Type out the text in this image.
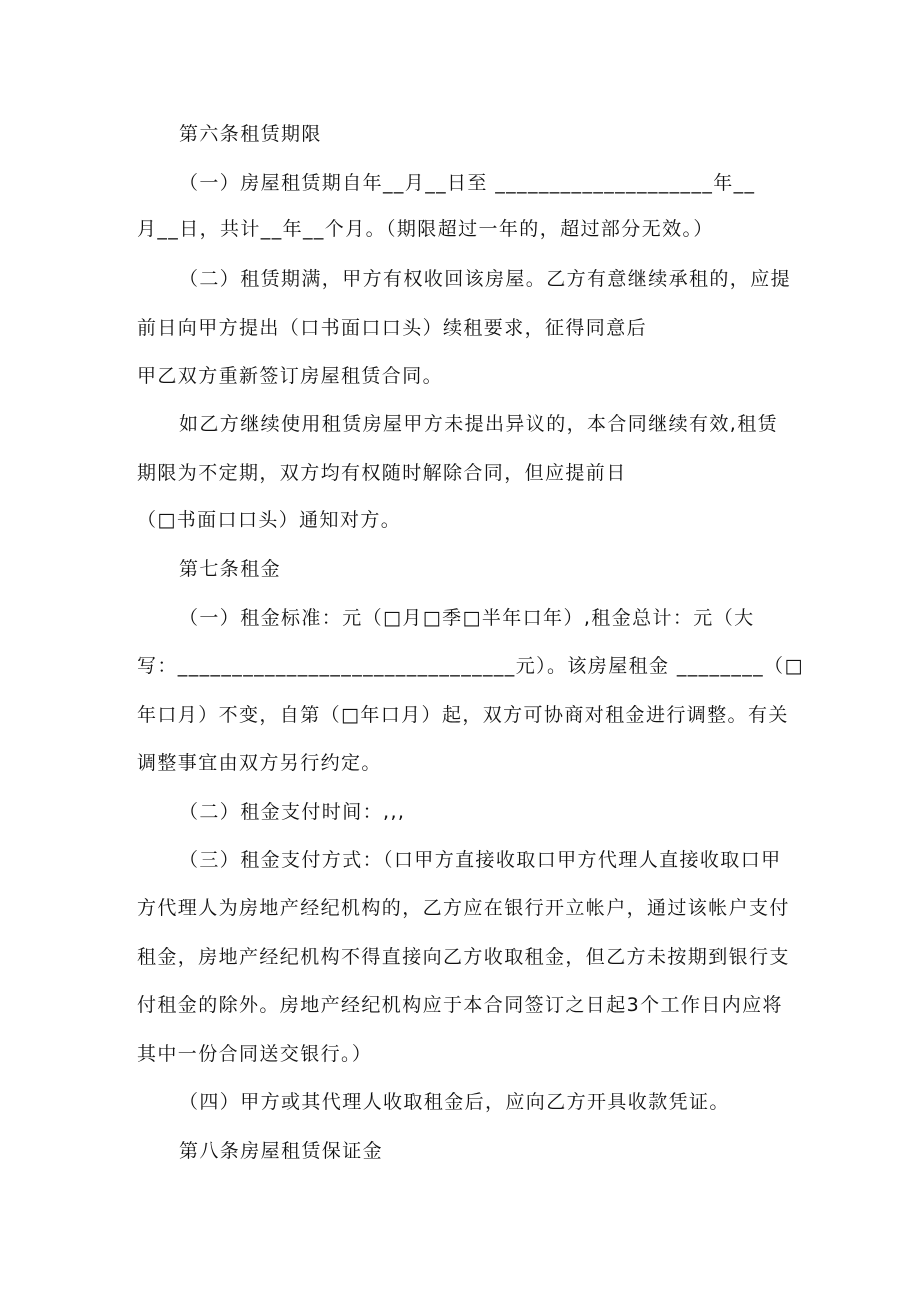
第六条租赁期限
（一）房屋租赁期自年__月__日至 ____________________年__
月__日，共计__年__个月。（期限超过一年的，超过部分无效。）
（二）租赁期满，甲方有权收回该房屋。乙方有意继续承租的，应提
前日向甲方提出（口书面口口头）续租要求，征得同意后
甲乙双方重新签订房屋租赁合同。
如乙方继续使用租赁房屋甲方未提出异议的，本合同继续有效,租赁
期限为不定期，双方均有权随时解除合同，但应提前日
（□书面口口头）通知对方。
第七条租金
（一）租金标准：元（□月□季□半年口年）,租金总计：元（大
写：_______________________________元）。该房屋租金 ________（□
年口月）不变，自第（□年口月）起，双方可协商对租金进行调整。有关
调整事宜由双方另行约定。
（二）租金支付时间：,,,
（三）租金支付方式：（口甲方直接收取口甲方代理人直接收取口甲
方代理人为房地产经纪机构的，乙方应在银行开立帐户，通过该帐户支付
租金，房地产经纪机构不得直接向乙方收取租金，但乙方未按期到银行支
付租金的除外。房地产经纪机构应于本合同签订之日起3个工作日内应将
其中一份合同送交银行。）
（四）甲方或其代理人收取租金后，应向乙方开具收款凭证。
第八条房屋租赁保证金
